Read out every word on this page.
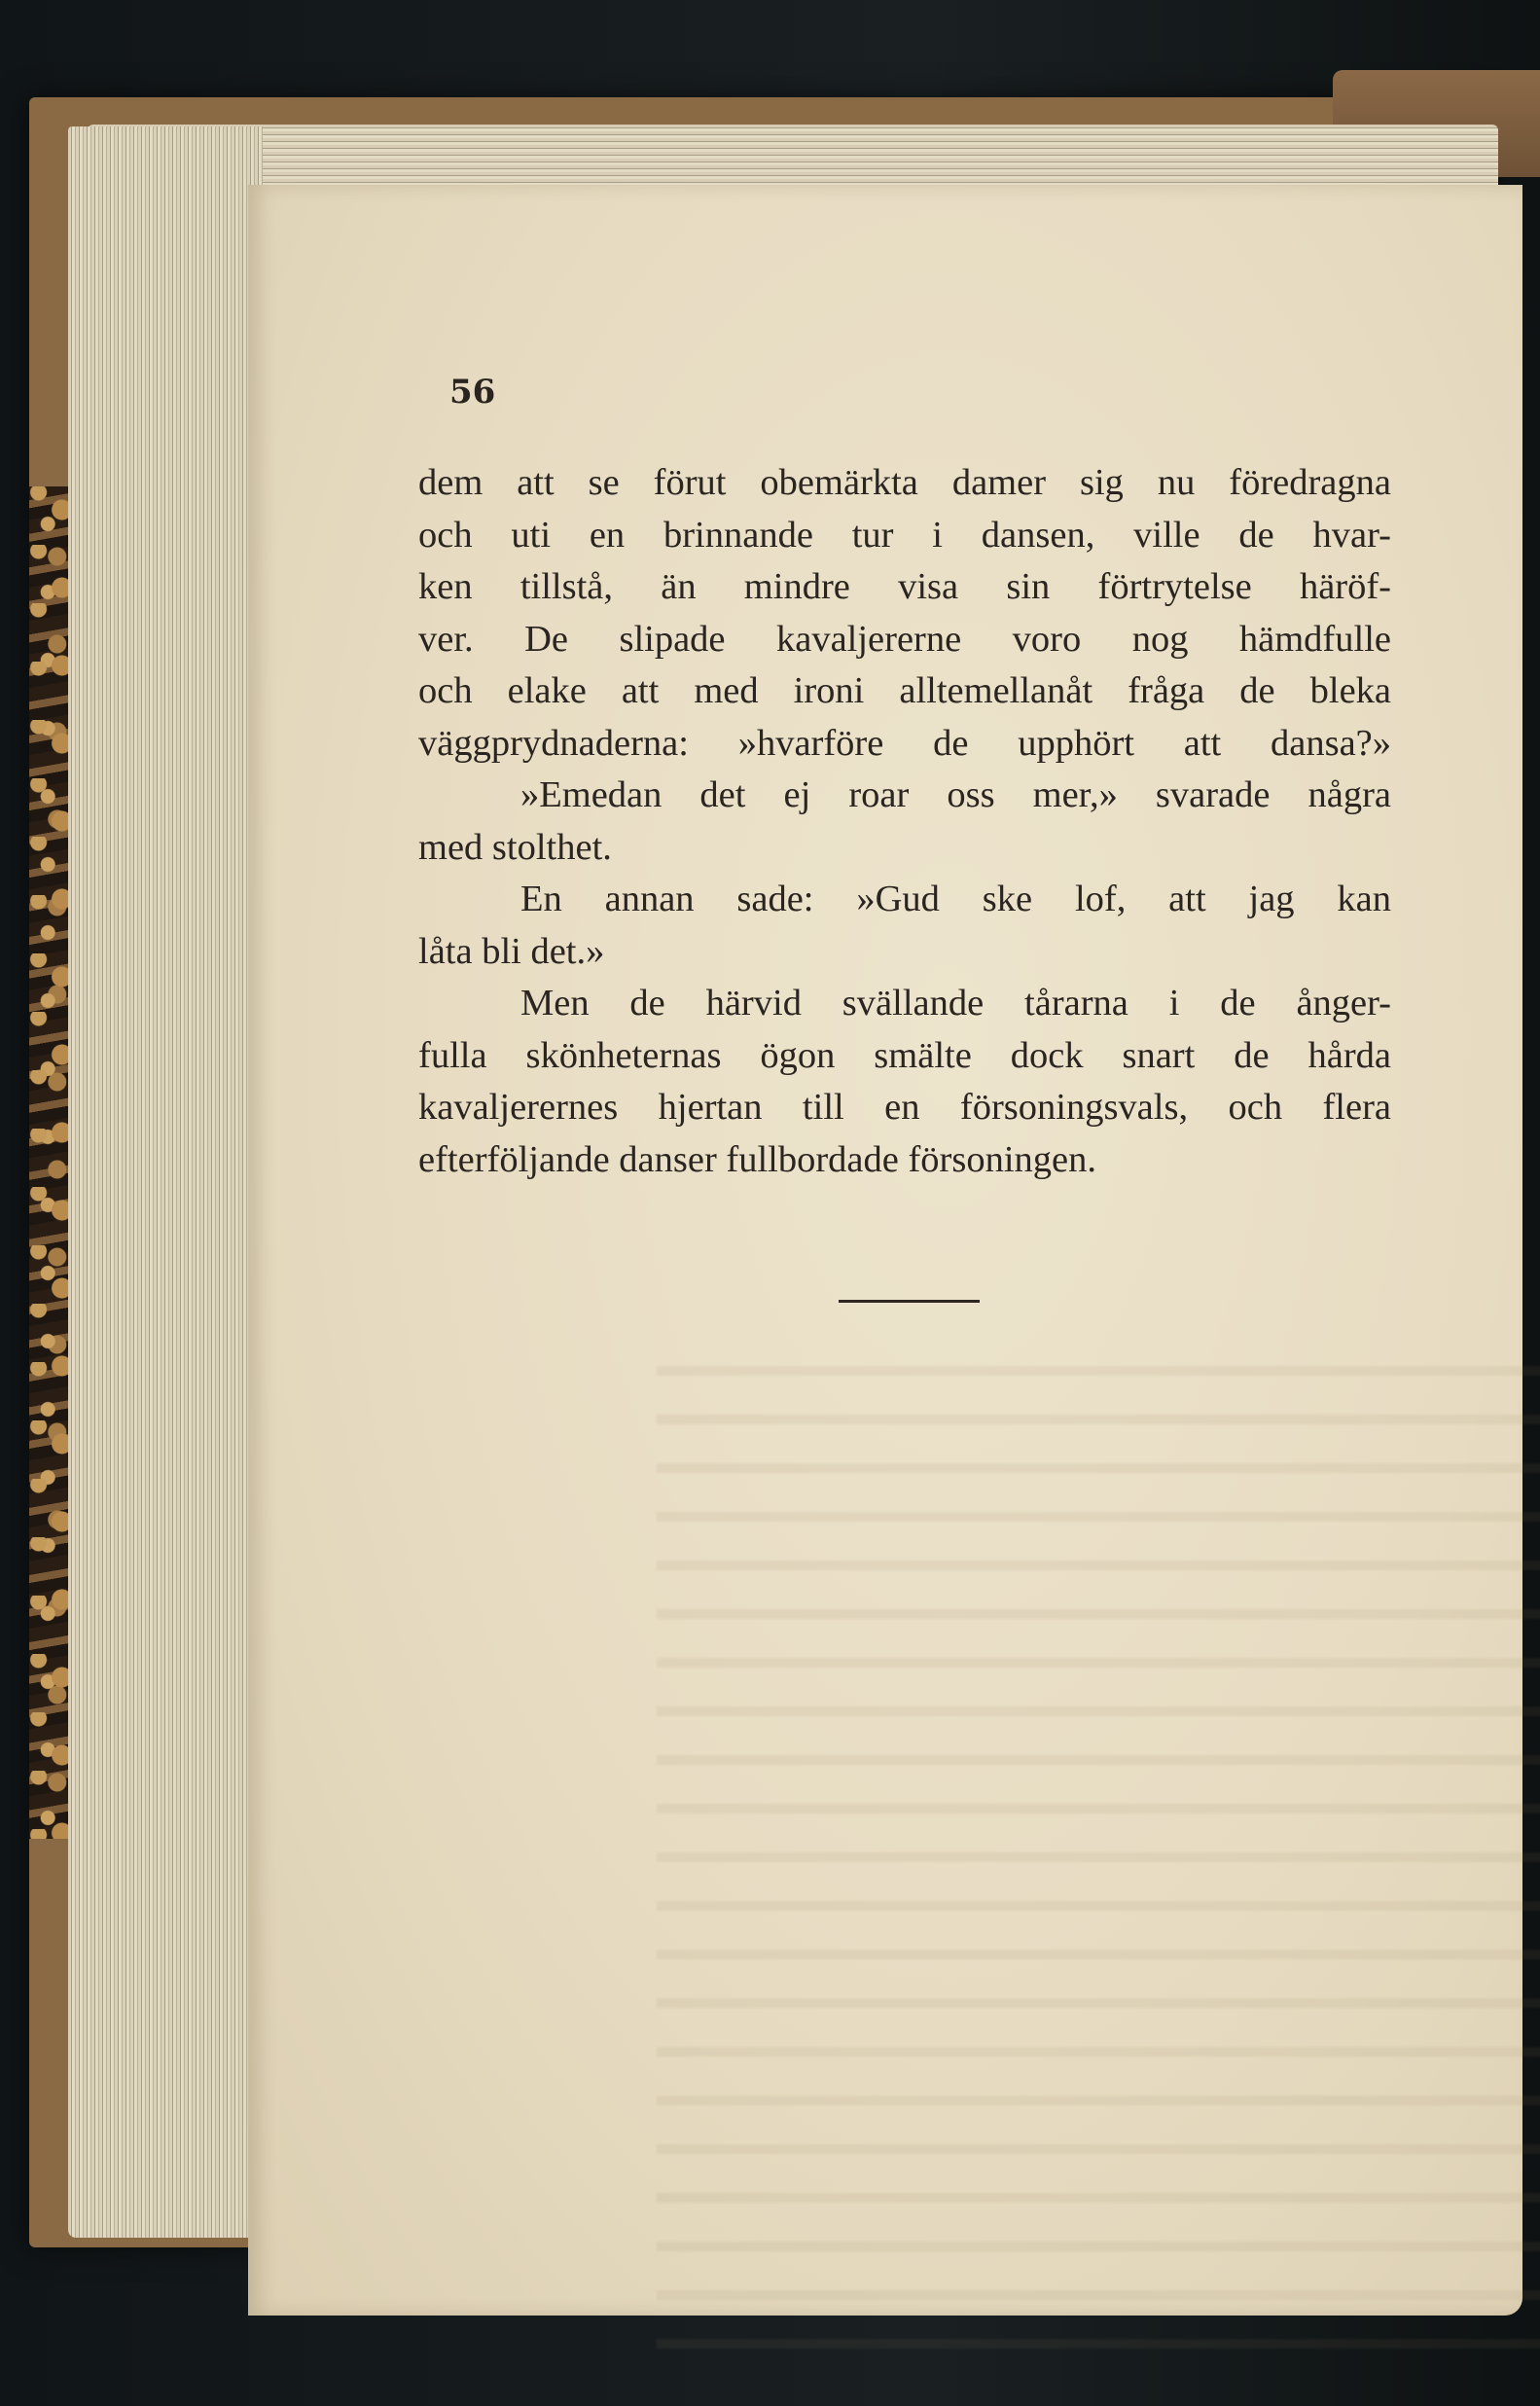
56

dem att se förut obemärkta damer sig nu föredragna
och uti en brinnande tur i dansen, ville de hvar-
ken tillstå, än mindre visa sin förtrytelse häröf-
ver. De slipade kavaljererne voro nog hämdfulle
och elake att med ironi alltemellanåt fråga de bleka
väggprydnaderna: »hvarföre de upphört att dansa?»
»Emedan det ej roar oss mer,» svarade några
med stolthet.
En annan sade: »Gud ske lof, att jag kan
låta bli det.»
Men de härvid svällande tårarna i de ånger-
fulla skönheternas ögon smälte dock snart de hårda
kavaljerernes hjertan till en försoningsvals, och flera
efterföljande danser fullbordade försoningen.
